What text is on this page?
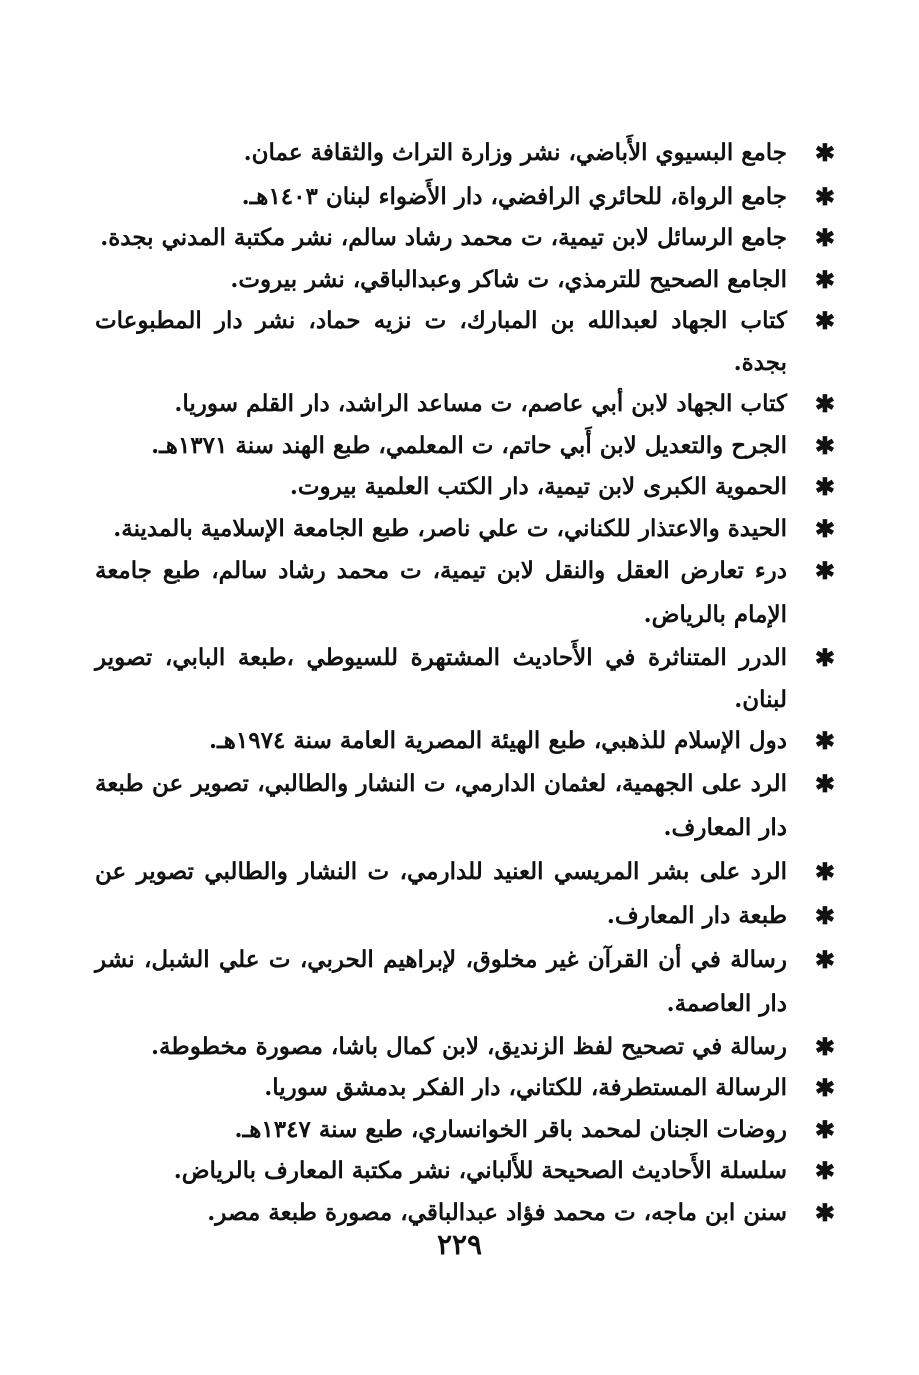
✱
جامع البسيوي الأَباضي، نشر وزارة التراث والثقافة عمان.
✱
جامع الرواة، للحائري الرافضي، دار الأَضواء لبنان ١٤٠٣هـ.
✱
جامع الرسائل لابن تيمية، ت محمد رشاد سالم، نشر مكتبة المدني بجدة.
✱
الجامع الصحيح للترمذي، ت شاكر وعبدالباقي، نشر بيروت.
✱
كتاب الجهاد لعبدالله بن المبارك، ت نزيه حماد، نشر دار المطبوعات بجدة.
✱
كتاب الجهاد لابن أبي عاصم، ت مساعد الراشد، دار القلم سوريا.
✱
الجرح والتعديل لابن أَبي حاتم، ت المعلمي، طبع الهند سنة ١٣٧١هـ.
✱
الحموية الكبرى لابن تيمية، دار الكتب العلمية بيروت.
✱
الحيدة والاعتذار للكناني، ت علي ناصر، طبع الجامعة الإسلامية بالمدينة.
✱
درء تعارض العقل والنقل لابن تيمية، ت محمد رشاد سالم، طبع جامعة الإمام بالرياض.
✱
الدرر المتناثرة في الأَحاديث المشتهرة للسيوطي ،طبعة البابي، تصوير لبنان.
✱
دول الإسلام للذهبي، طبع الهيئة المصرية العامة سنة ١٩٧٤هـ.
✱
الرد على الجهمية، لعثمان الدارمي، ت النشار والطالبي، تصوير عن طبعة دار المعارف.
✱
✱
الرد على بشر المريسي العنيد للدارمي، ت النشار والطالبي تصوير عن طبعة دار المعارف.
✱
رسالة في أن القرآن غير مخلوق، لإبراهيم الحربي، ت علي الشبل، نشر دار العاصمة.
✱
رسالة في تصحيح لفظ الزنديق، لابن كمال باشا، مصورة مخطوطة.
✱
الرسالة المستطرفة، للكتاني، دار الفكر بدمشق سوريا.
✱
روضات الجنان لمحمد باقر الخوانساري، طبع سنة ١٣٤٧هـ.
✱
سلسلة الأَحاديث الصحيحة للأَلباني، نشر مكتبة المعارف بالرياض.
✱
سنن ابن ماجه، ت محمد فؤاد عبدالباقي، مصورة طبعة مصر.
٢٢٩
